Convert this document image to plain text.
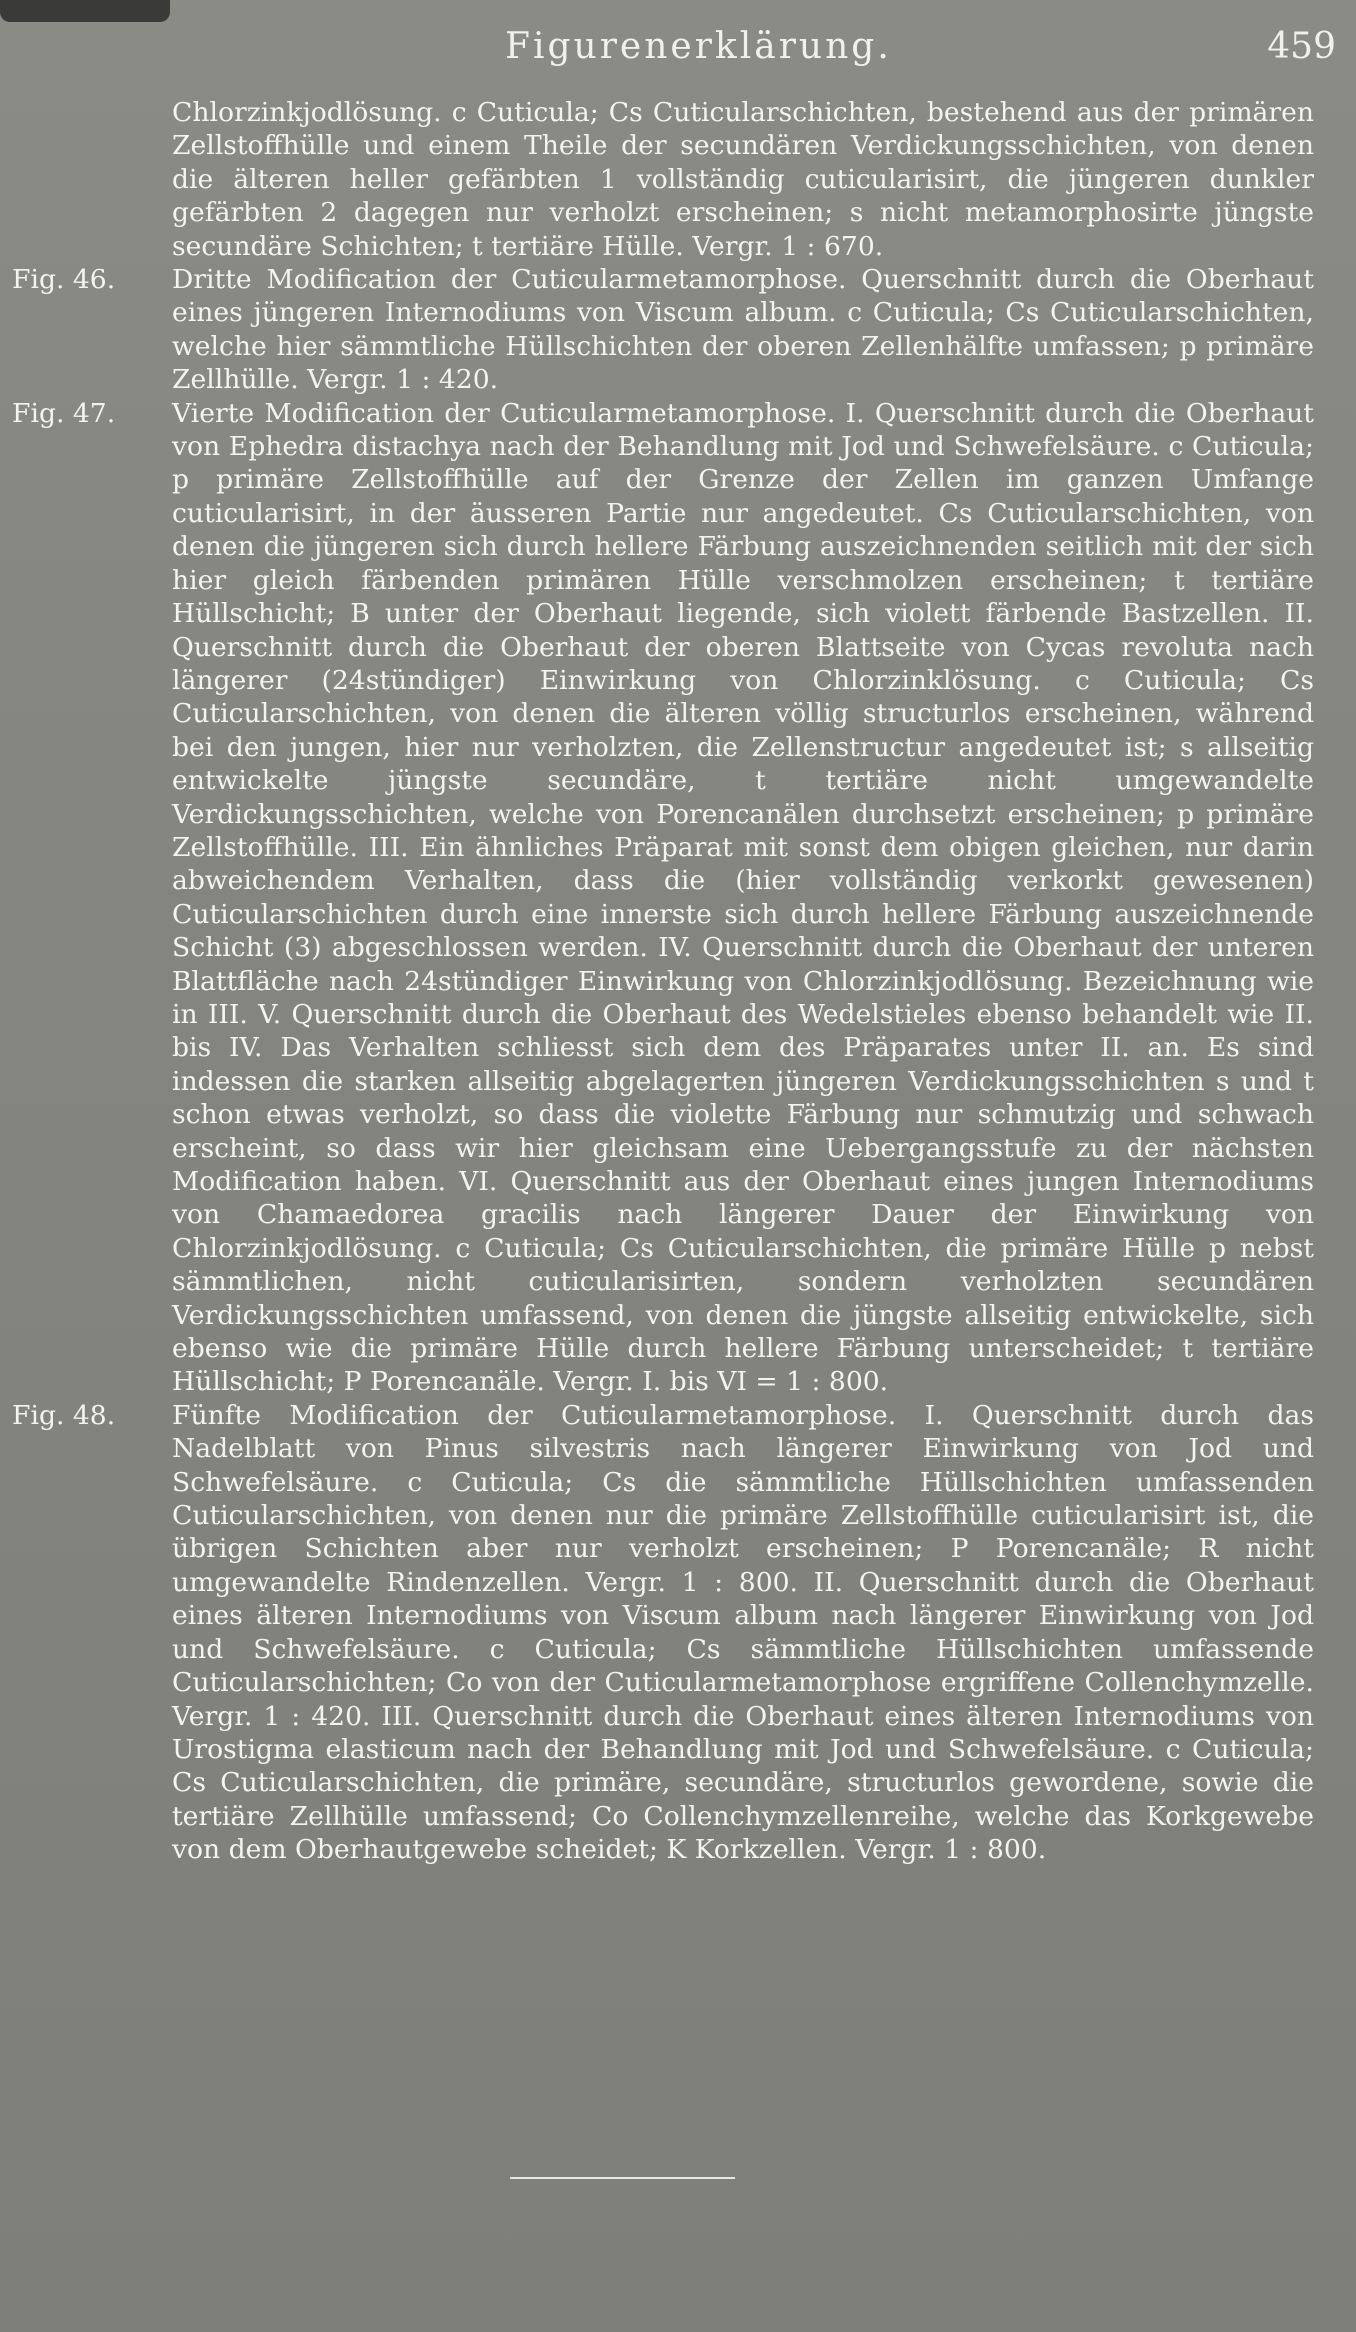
Figurenerklärung.	459

Chlorzinkjodlösung. c Cuticula; Cs Cuticularschichten, bestehend aus der primären Zellstoffhülle und einem Theile der secundären Verdickungsschichten, von denen die älteren heller gefärbten 1 vollständig cuticularisirt, die jüngeren dunkler gefärbten 2 dagegen nur verholzt erscheinen; s nicht metamorphosirte jüngste secundäre Schichten; t tertiäre Hülle. Vergr. 1 : 670.

Fig. 46. Dritte Modification der Cuticularmetamorphose. Querschnitt durch die Oberhaut eines jüngeren Internodiums von Viscum album. c Cuticula; Cs Cuticularschichten, welche hier sämmtliche Hüllschichten der oberen Zellenhälfte umfassen; p primäre Zellhülle. Vergr. 1 : 420.

Fig. 47. Vierte Modification der Cuticularmetamorphose. I. Querschnitt durch die Oberhaut von Ephedra distachya nach der Behandlung mit Jod und Schwefelsäure. c Cuticula; p primäre Zellstoffhülle auf der Grenze der Zellen im ganzen Umfange cuticularisirt, in der äusseren Partie nur angedeutet. Cs Cuticularschichten, von denen die jüngeren sich durch hellere Färbung auszeichnenden seitlich mit der sich hier gleich färbenden primären Hülle verschmolzen erscheinen; t tertiäre Hüllschicht; B unter der Oberhaut liegende, sich violett färbende Bastzellen. II. Querschnitt durch die Oberhaut der oberen Blattseite von Cycas revoluta nach längerer (24stündiger) Einwirkung von Chlorzinklösung. c Cuticula; Cs Cuticularschichten, von denen die älteren völlig structurlos erscheinen, während bei den jungen, hier nur verholzten, die Zellenstructur angedeutet ist; s allseitig entwickelte jüngste secundäre, t tertiäre nicht umgewandelte Verdickungsschichten, welche von Porencanälen durchsetzt erscheinen; p primäre Zellstoffhülle. III. Ein ähnliches Präparat mit sonst dem obigen gleichen, nur darin abweichendem Verhalten, dass die (hier vollständig verkorkt gewesenen) Cuticularschichten durch eine innerste sich durch hellere Färbung auszeichnende Schicht (3) abgeschlossen werden. IV. Querschnitt durch die Oberhaut der unteren Blattfläche nach 24stündiger Einwirkung von Chlorzinkjodlösung. Bezeichnung wie in III. V. Querschnitt durch die Oberhaut des Wedelstieles ebenso behandelt wie II. bis IV. Das Verhalten schliesst sich dem des Präparates unter II. an. Es sind indessen die starken allseitig abgelagerten jüngeren Verdickungsschichten s und t schon etwas verholzt, so dass die violette Färbung nur schmutzig und schwach erscheint, so dass wir hier gleichsam eine Uebergangsstufe zu der nächsten Modification haben. VI. Querschnitt aus der Oberhaut eines jungen Internodiums von Chamaedorea gracilis nach längerer Dauer der Einwirkung von Chlorzinkjodlösung. c Cuticula; Cs Cuticularschichten, die primäre Hülle p nebst sämmtlichen, nicht cuticularisirten, sondern verholzten secundären Verdickungsschichten umfassend, von denen die jüngste allseitig entwickelte, sich ebenso wie die primäre Hülle durch hellere Färbung unterscheidet; t tertiäre Hüllschicht; P Porencanäle. Vergr. I. bis VI = 1 : 800.

Fig. 48. Fünfte Modification der Cuticularmetamorphose. I. Querschnitt durch das Nadelblatt von Pinus silvestris nach längerer Einwirkung von Jod und Schwefelsäure. c Cuticula; Cs die sämmtliche Hüllschichten umfassenden Cuticularschichten, von denen nur die primäre Zellstoffhülle cuticularisirt ist, die übrigen Schichten aber nur verholzt erscheinen; P Porencanäle; R nicht umgewandelte Rindenzellen. Vergr. 1 : 800. II. Querschnitt durch die Oberhaut eines älteren Internodiums von Viscum album nach längerer Einwirkung von Jod und Schwefelsäure. c Cuticula; Cs sämmtliche Hüllschichten umfassende Cuticularschichten; Co von der Cuticularmetamorphose ergriffene Collenchymzelle. Vergr. 1 : 420. III. Querschnitt durch die Oberhaut eines älteren Internodiums von Urostigma elasticum nach der Behandlung mit Jod und Schwefelsäure. c Cuticula; Cs Cuticularschichten, die primäre, secundäre, structurlos gewordene, sowie die tertiäre Zellhülle umfassend; Co Collenchymzellenreihe, welche das Korkgewebe von dem Oberhautgewebe scheidet; K Korkzellen. Vergr. 1 : 800.
